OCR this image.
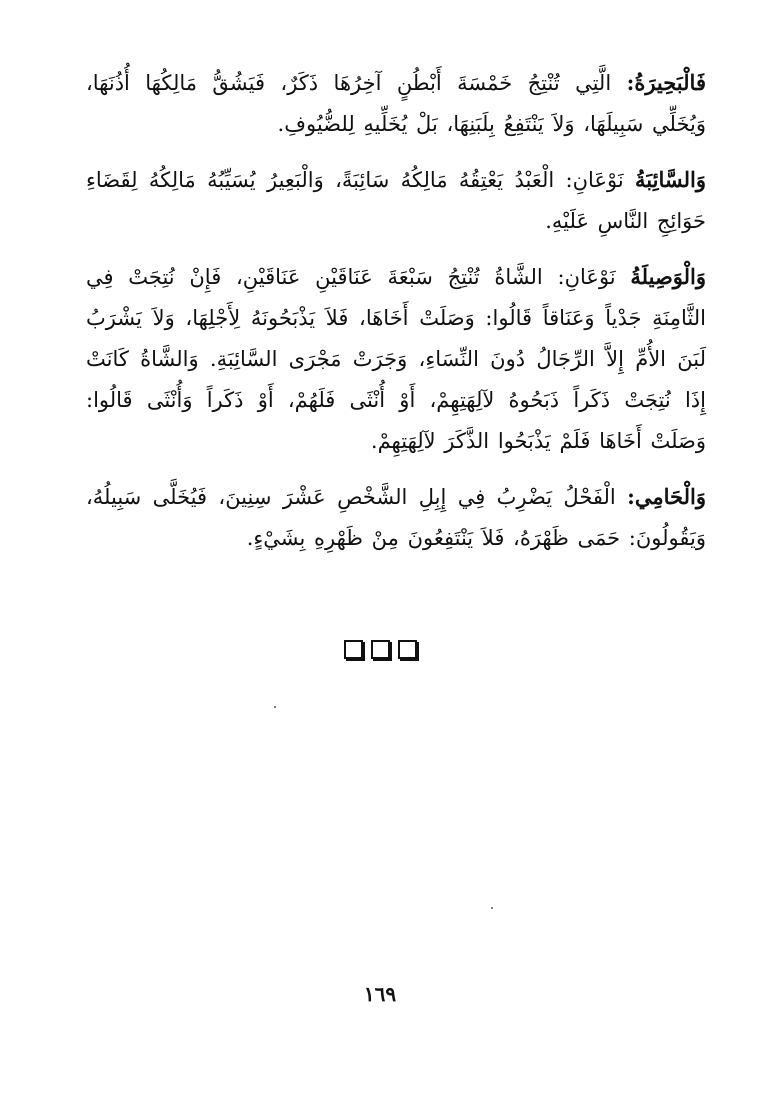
فَالْبَحِيرَةُ: الَّتِي تُنْتِجُ خَمْسَةَ أَبْطُنٍ آخِرُهَا ذَكَرٌ، فَيَشُقُّ مَالِكُهَا أُذُنَهَا، وَيُخَلِّي سَبِيلَهَا، وَلاَ يَنْتَفِعُ بِلَبَنِهَا، بَلْ يُخَلِّيهِ لِلضُّيُوفِ.

وَالسَّائِبَةُ نَوْعَانِ: الْعَبْدُ يَعْتِقُهُ مَالِكُهُ سَائِبَةً، وَالْبَعِيرُ يُسَيِّبُهُ مَالِكُهُ لِقَضَاءِ حَوَائِجِ النَّاسِ عَلَيْهِ.

وَالْوَصِيلَةُ نَوْعَانِ: الشَّاةُ تُنْتِجُ سَبْعَةَ عَنَاقَيْنِ عَنَاقَيْنِ، فَإِنْ نُتِجَتْ فِي الثَّامِنَةِ جَدْياً وَعَنَاقاً قَالُوا: وَصَلَتْ أَخَاهَا، فَلاَ يَذْبَحُونَهُ لِأَجْلِهَا، وَلاَ يَشْرَبُ لَبَنَ الأُمِّ إِلاَّ الرِّجَالُ دُونَ النِّسَاءِ، وَجَرَتْ مَجْرَى السَّائِبَةِ. وَالشَّاةُ كَانَتْ إِذَا نُتِجَتْ ذَكَراً ذَبَحُوهُ لآلِهَتِهِمْ، أَوْ أُنْثَى فَلَهُمْ، أَوْ ذَكَراً وَأُنْثَى قَالُوا: وَصَلَتْ أَخَاهَا فَلَمْ يَذْبَحُوا الذَّكَرَ لآلِهَتِهِمْ.

وَالْحَامِي: الْفَحْلُ يَضْرِبُ فِي إِبِلِ الشَّخْصِ عَشْرَ سِنِينَ، فَيُخَلَّى سَبِيلُهُ، وَيَقُولُونَ: حَمَى ظَهْرَهُ، فَلاَ يَنْتَفِعُونَ مِنْ ظَهْرِهِ بِشَيْءٍ.

١٦٩
